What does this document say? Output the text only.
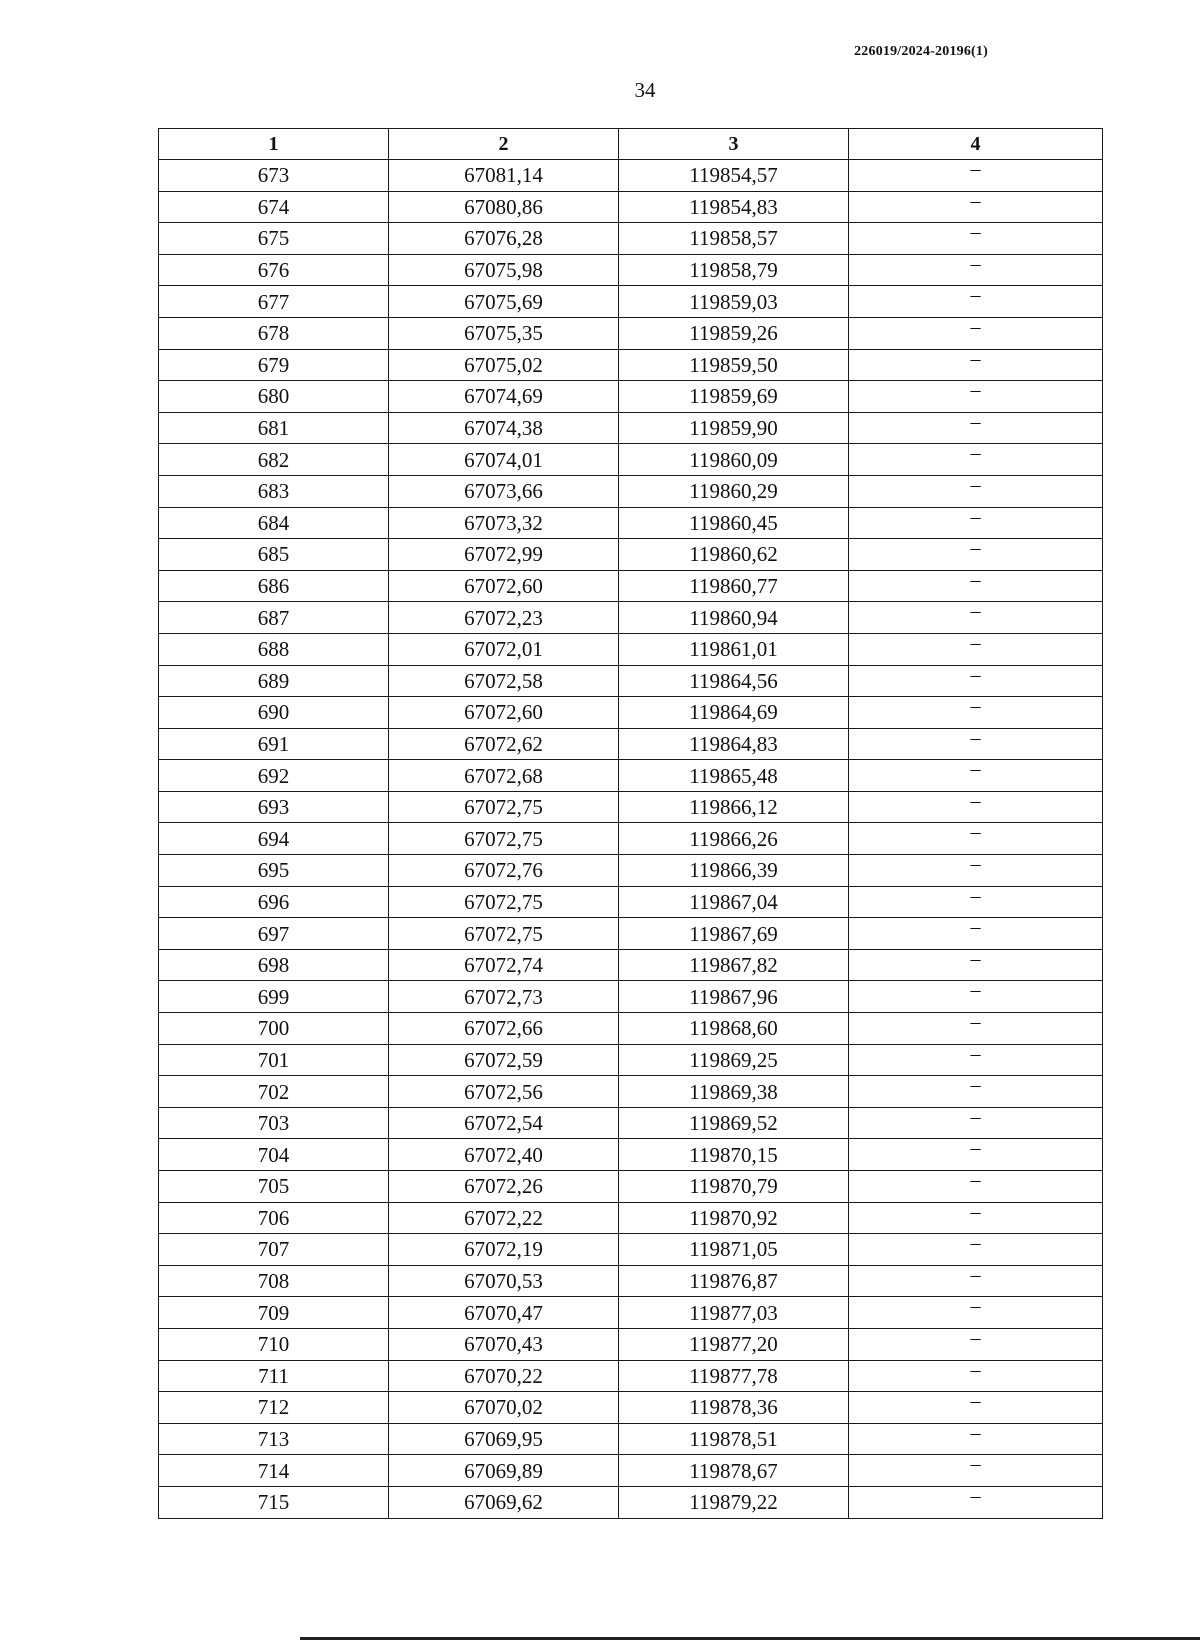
226019/2024-20196(1)
34
1	2	3	4
673	67081,14	119854,57	–
674	67080,86	119854,83	–
675	67076,28	119858,57	–
676	67075,98	119858,79	–
677	67075,69	119859,03	–
678	67075,35	119859,26	–
679	67075,02	119859,50	–
680	67074,69	119859,69	–
681	67074,38	119859,90	–
682	67074,01	119860,09	–
683	67073,66	119860,29	–
684	67073,32	119860,45	–
685	67072,99	119860,62	–
686	67072,60	119860,77	–
687	67072,23	119860,94	–
688	67072,01	119861,01	–
689	67072,58	119864,56	–
690	67072,60	119864,69	–
691	67072,62	119864,83	–
692	67072,68	119865,48	–
693	67072,75	119866,12	–
694	67072,75	119866,26	–
695	67072,76	119866,39	–
696	67072,75	119867,04	–
697	67072,75	119867,69	–
698	67072,74	119867,82	–
699	67072,73	119867,96	–
700	67072,66	119868,60	–
701	67072,59	119869,25	–
702	67072,56	119869,38	–
703	67072,54	119869,52	–
704	67072,40	119870,15	–
705	67072,26	119870,79	–
706	67072,22	119870,92	–
707	67072,19	119871,05	–
708	67070,53	119876,87	–
709	67070,47	119877,03	–
710	67070,43	119877,20	–
711	67070,22	119877,78	–
712	67070,02	119878,36	–
713	67069,95	119878,51	–
714	67069,89	119878,67	–
715	67069,62	119879,22	–
